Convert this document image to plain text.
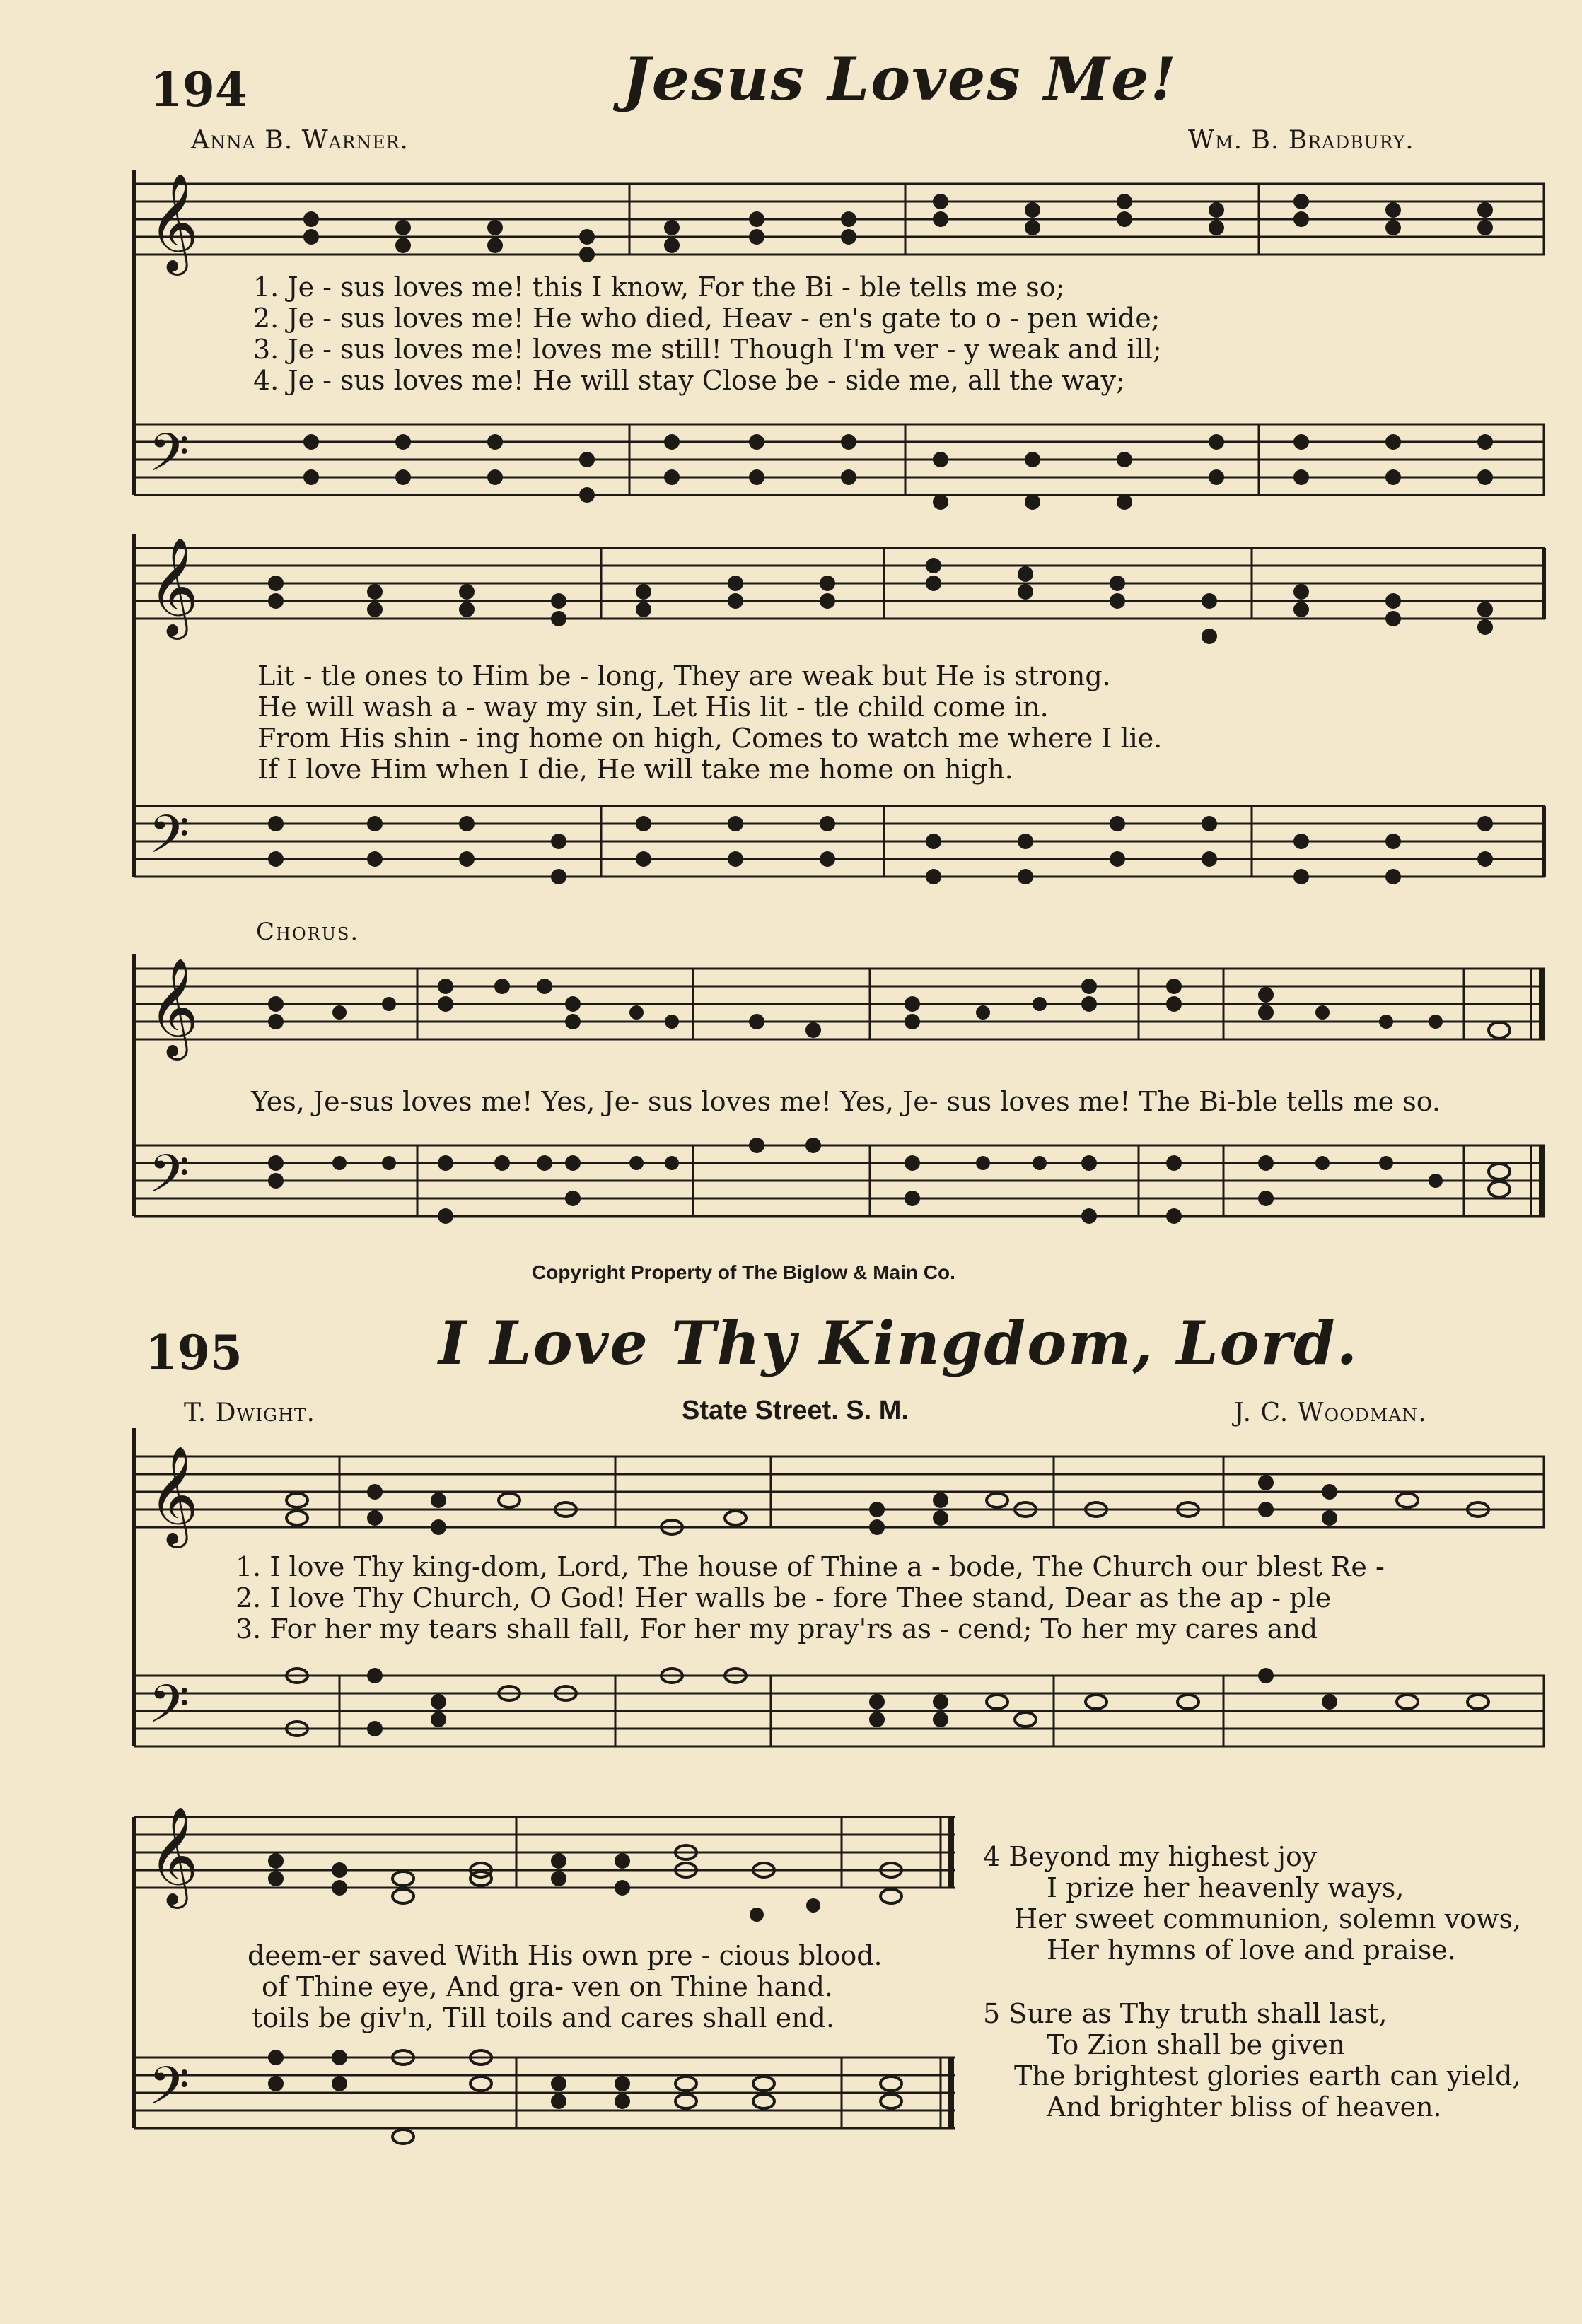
194	Jesus Loves Me!
Anna B. Warner.	Wm. B. Bradbury.
𝄞
1. Je - sus loves me! this I know, For the Bi - ble tells me so;
2. Je - sus loves me! He who died, Heav - en's gate to o - pen wide;
3. Je - sus loves me! loves me still! Though I'm ver - y weak and ill;
4. Je - sus loves me! He will stay Close be - side me, all the way;
𝄢
𝄞
Lit - tle ones to Him be - long, They are weak but He is strong.
He will wash a - way my sin, Let His lit - tle child come in.
From His shin - ing home on high, Comes to watch me where I lie.
If I love Him when I die, He will take me home on high.
𝄢
Chorus.
𝄞
Yes, Je-sus loves me! Yes, Je- sus loves me! Yes, Je- sus loves me! The Bi-ble tells me so.
𝄢
Copyright Property of The Biglow & Main Co.
195	I Love Thy Kingdom, Lord.
T. Dwight.	State Street. S. M.	J. C. Woodman.
𝄞
1. I love Thy king-dom, Lord, The house of Thine a - bode, The Church our blest Re -
2. I love Thy Church, O God! Her walls be - fore Thee stand, Dear as the ap - ple
3. For her my tears shall fall, For her my pray'rs as - cend; To her my cares and
𝄢
𝄞
deem-er saved With His own pre - cious blood.
of Thine eye, And gra- ven on Thine hand.
toils be giv'n, Till toils and cares shall end.
𝄢
4 Beyond my highest joy
I prize her heavenly ways,
Her sweet communion, solemn vows,
Her hymns of love and praise.
5 Sure as Thy truth shall last,
To Zion shall be given
The brightest glories earth can yield,
And brighter bliss of heaven.
